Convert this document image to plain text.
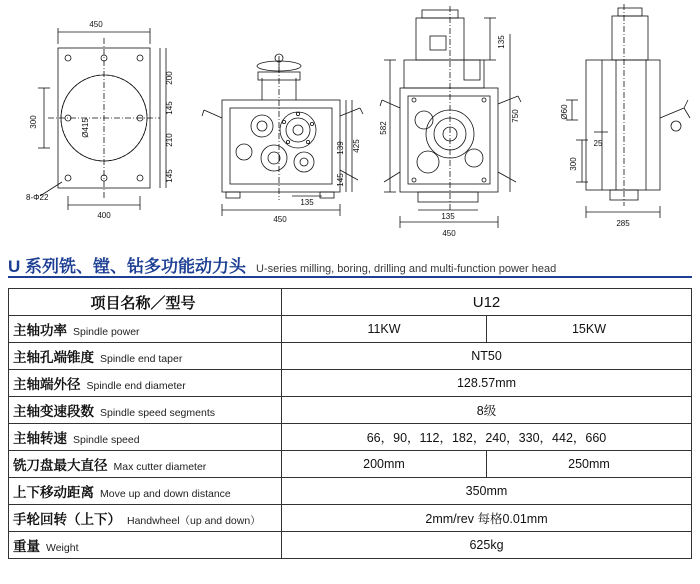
450
400
300	Ø415
8-Φ22
200
145
210
145
450
135
425
139
145
135
750
582
135
450
Ø60
25
300
285
U 系列铣、镗、钻多功能动力头 U-series milling, boring, drilling and multi-function power head
项目名称／型号	U12	
主轴功率 Spindle power	11KW	15KW
主轴孔端锥度 Spindle end taper	NT50	
主轴端外径 Spindle end diameter	128.57mm	
主轴变速段数 Spindle speed segments	8级	
主轴转速 Spindle speed	66，90，112，182，240，330，442，660	
铣刀盘最大直径 Max cutter diameter	200mm	250mm
上下移动距离 Move up and down distance	350mm	
手轮回转（上下） Handwheel（up and down）	2mm/rev 每格0.01mm	
重量 Weight	625kg	
